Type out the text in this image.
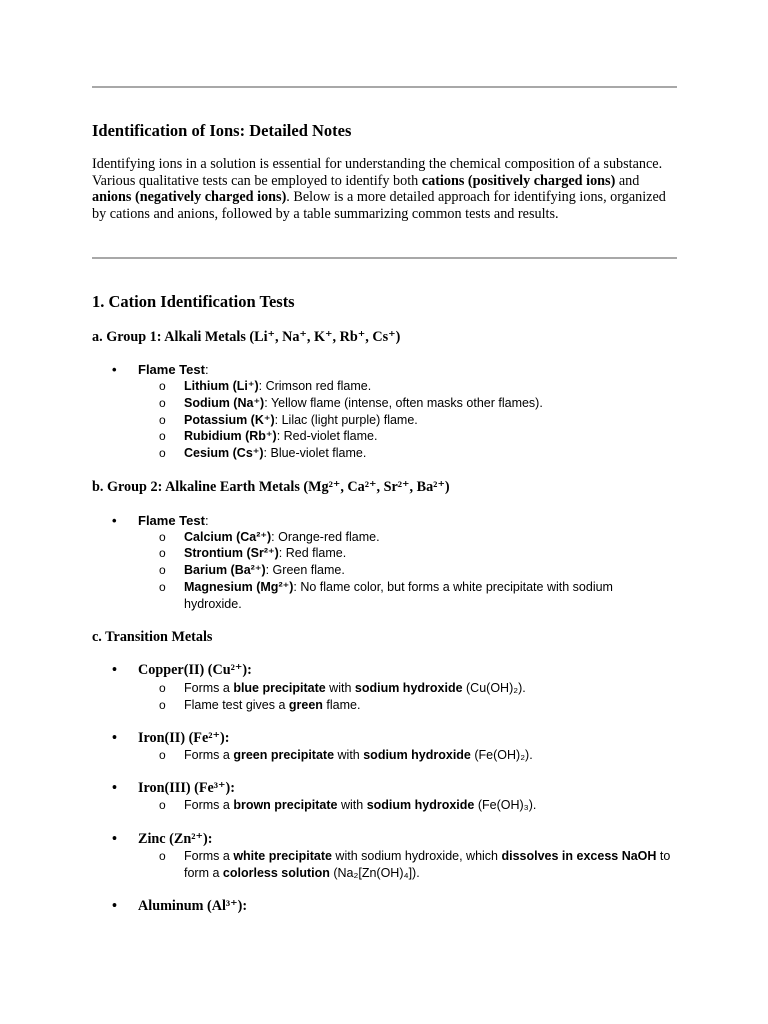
Identification of Ions: Detailed Notes

Identifying ions in a solution is essential for understanding the chemical composition of a substance. Various qualitative tests can be employed to identify both cations (positively charged ions) and anions (negatively charged ions). Below is a more detailed approach for identifying ions, organized by cations and anions, followed by a table summarizing common tests and results.

1. Cation Identification Tests
a. Group 1: Alkali Metals (Li⁺, Na⁺, K⁺, Rb⁺, Cs⁺)
• Flame Test:
o Lithium (Li⁺): Crimson red flame.
o Sodium (Na⁺): Yellow flame (intense, often masks other flames).
o Potassium (K⁺): Lilac (light purple) flame.
o Rubidium (Rb⁺): Red-violet flame.
o Cesium (Cs⁺): Blue-violet flame.
b. Group 2: Alkaline Earth Metals (Mg²⁺, Ca²⁺, Sr²⁺, Ba²⁺)
• Flame Test:
o Calcium (Ca²⁺): Orange-red flame.
o Strontium (Sr²⁺): Red flame.
o Barium (Ba²⁺): Green flame.
o Magnesium (Mg²⁺): No flame color, but forms a white precipitate with sodium hydroxide.
c. Transition Metals
• Copper(II) (Cu²⁺):
o Forms a blue precipitate with sodium hydroxide (Cu(OH)₂).
o Flame test gives a green flame.
• Iron(II) (Fe²⁺):
o Forms a green precipitate with sodium hydroxide (Fe(OH)₂).
• Iron(III) (Fe³⁺):
o Forms a brown precipitate with sodium hydroxide (Fe(OH)₃).
• Zinc (Zn²⁺):
o Forms a white precipitate with sodium hydroxide, which dissolves in excess NaOH to form a colorless solution (Na₂[Zn(OH)₄]).
• Aluminum (Al³⁺):
